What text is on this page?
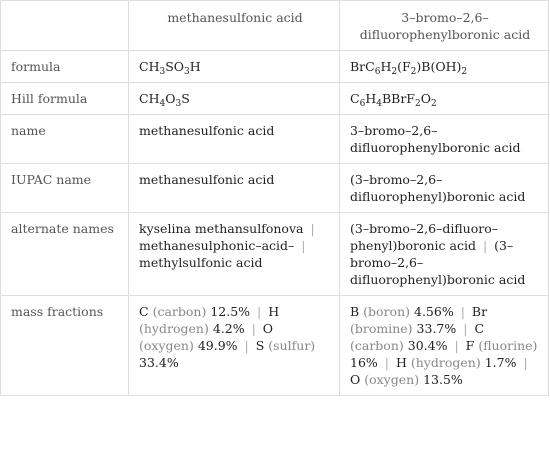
	methanesulfonic acid	3–bromo–2,6–difluorophenylboronic acid
formula	$CH_3SO_3H$	$BrC_6H_2(F_2)B(OH)_2$
Hill formula	$CH_4O_3S$	$C_6H_4BBrF_2O_2$
name	methanesulfonic acid	3–bromo–2,6–difluorophenylboronic acid
IUPAC name	methanesulfonic acid	(3–bromo–2,6–difluorophenyl)boronic acid
alternate names	kyselina methansulfonova | methanesulphonic–acid– | methylsulfonic acid	(3–bromo–2,6–difluoro–phenyl)boronic acid | (3–bromo–2,6–difluorophenyl)boronic acid
mass fractions	C (carbon) 12.5% | H (hydrogen) 4.2% | O (oxygen) 49.9% | S (sulfur) 33.4%	B (boron) 4.56% | Br (bromine) 33.7% | C (carbon) 30.4% | F (fluorine) 16% | H (hydrogen) 1.7% | O (oxygen) 13.5%
